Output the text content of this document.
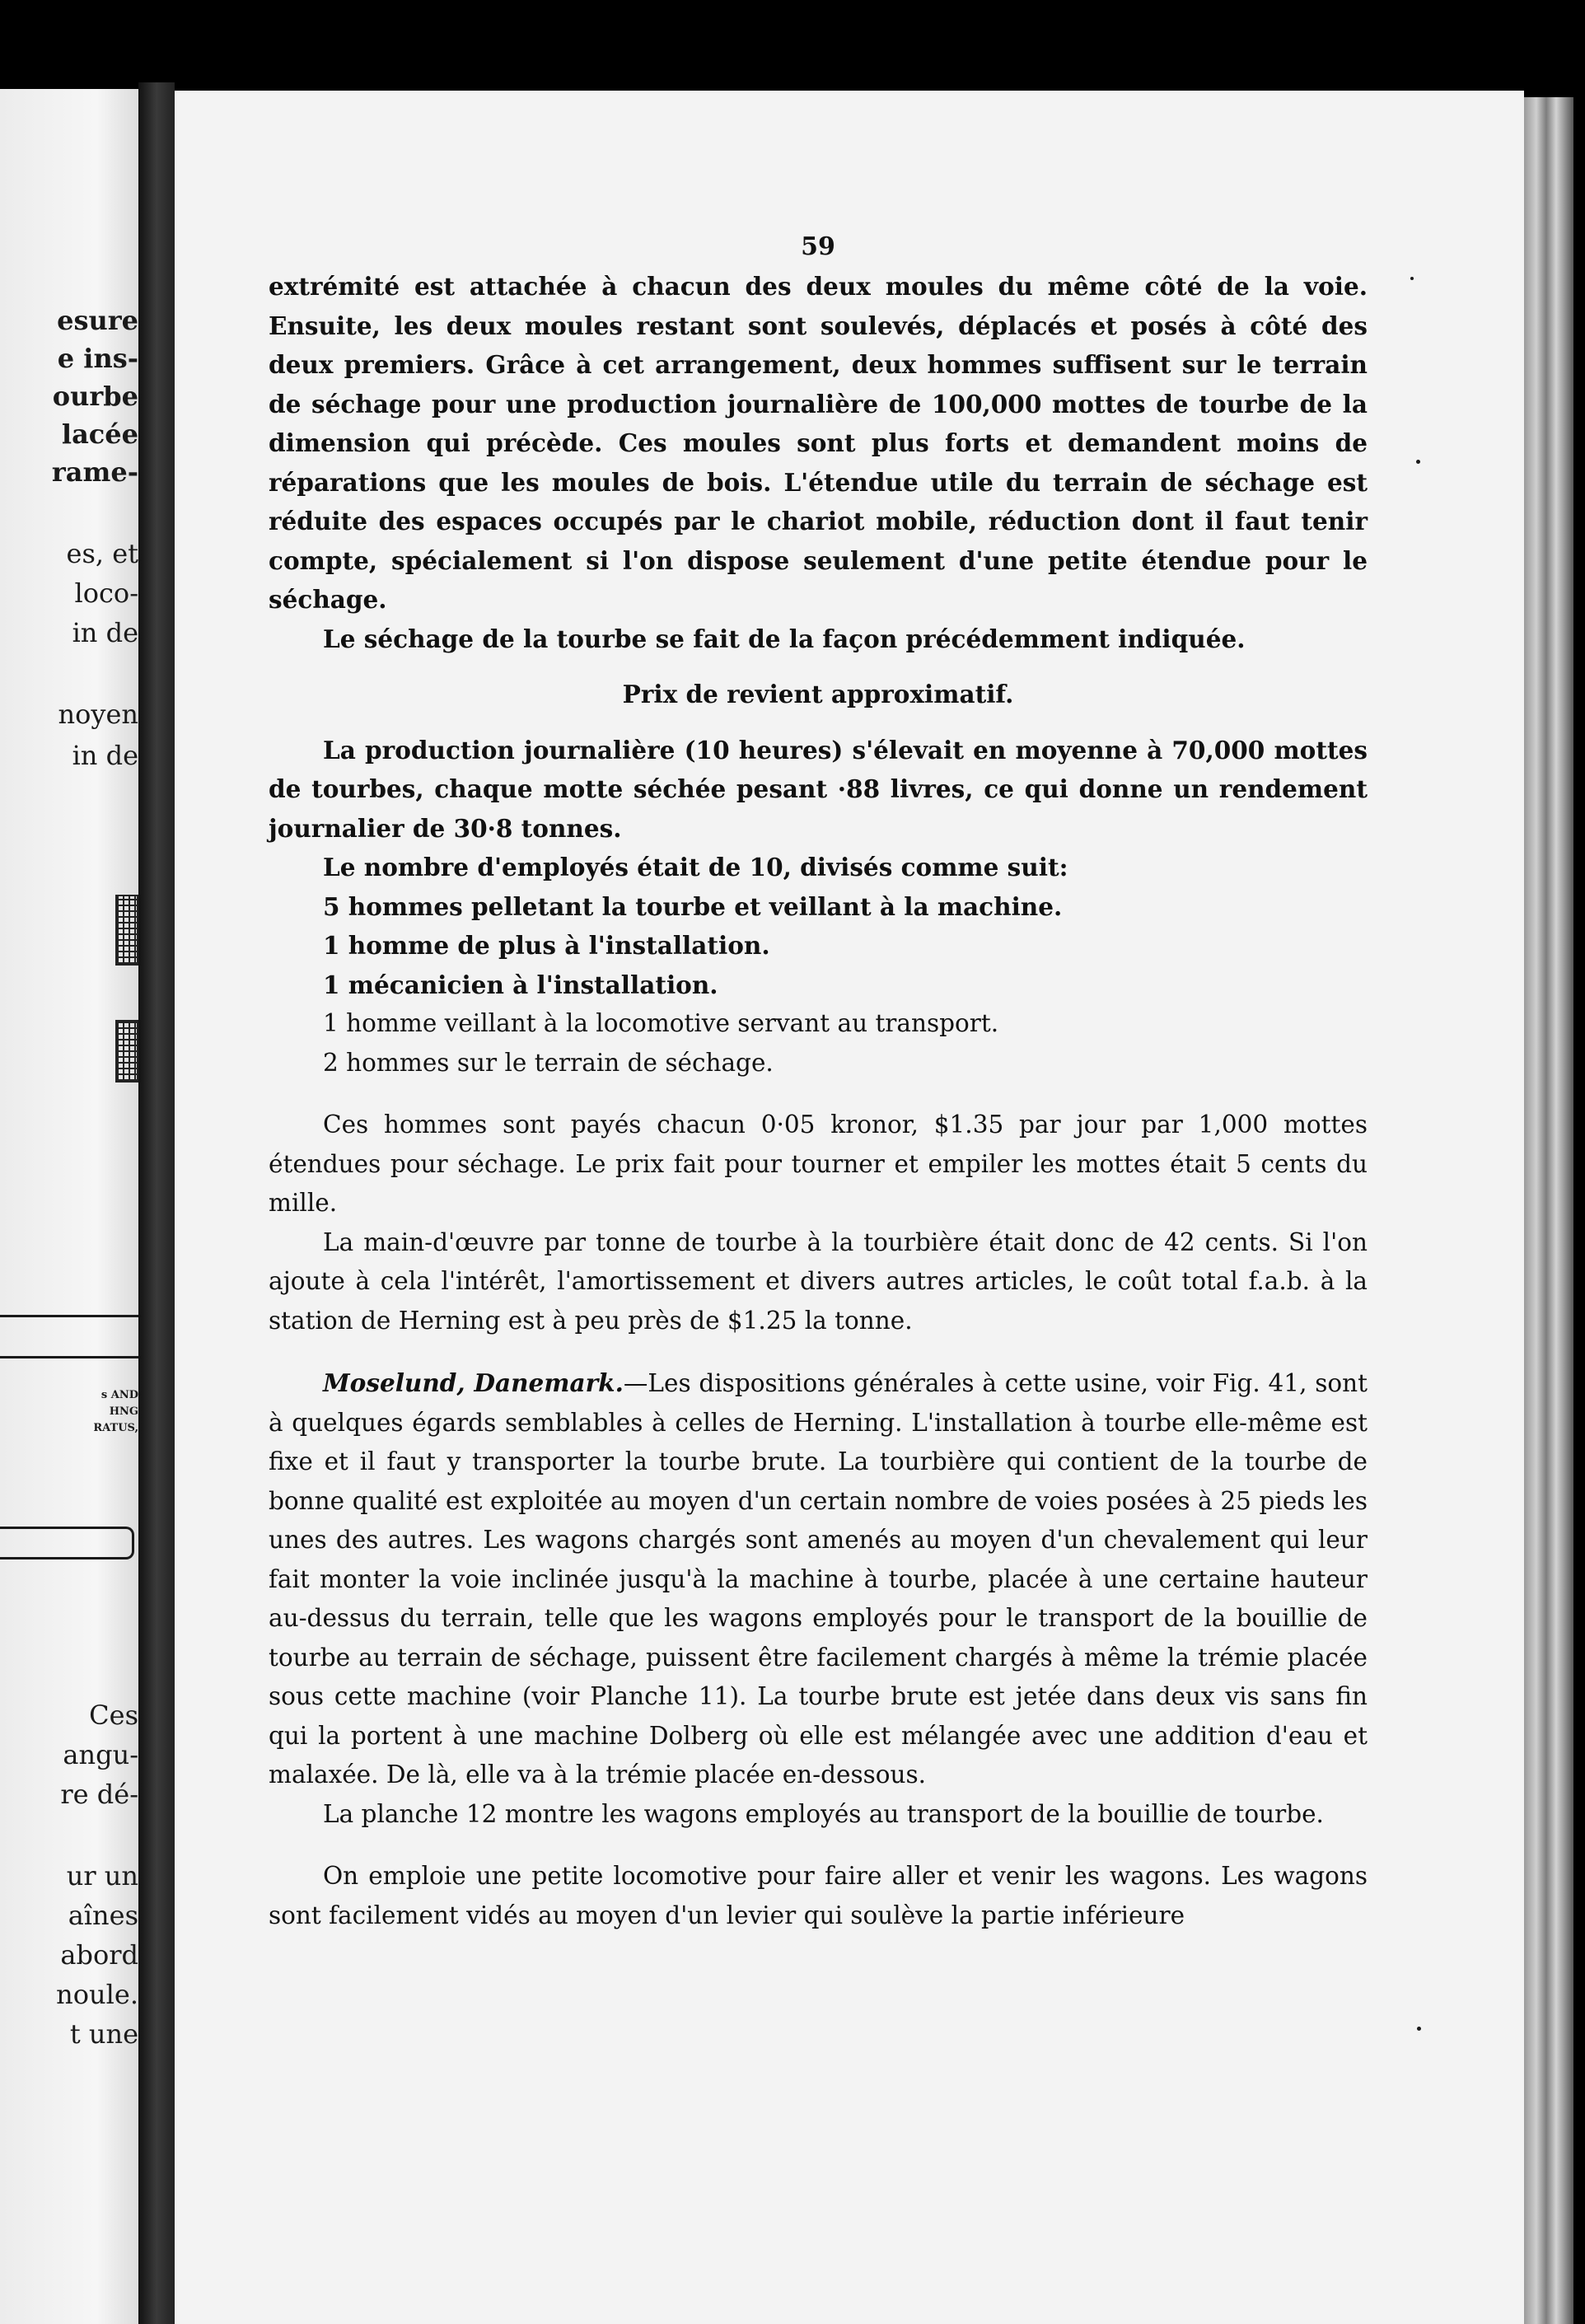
esure
e ins-
ourbe
lacée
rame-
es, et
loco-
in de
noyen
in de
s AND
HNG
RATUS,
Ces
angu-
re dé-
ur un
aînes
abord
noule.
t une
59

extrémité est attachée à chacun des deux moules du même côté de la voie. Ensuite, les deux moules restant sont soulevés, déplacés et posés à côté des deux premiers. Grâce à cet arrangement, deux hommes suffisent sur le terrain de séchage pour une production journalière de 100,000 mottes de tourbe de la dimension qui précède. Ces moules sont plus forts et demandent moins de réparations que les moules de bois. L'étendue utile du terrain de séchage est réduite des espaces occupés par le chariot mobile, réduction dont il faut tenir compte, spécialement si l'on dispose seulement d'une petite étendue pour le séchage.

Le séchage de la tourbe se fait de la façon précédemment indiquée.

Prix de revient approximatif.

La production journalière (10 heures) s'élevait en moyenne à 70,000 mottes de tourbes, chaque motte séchée pesant ·88 livres, ce qui donne un rendement journalier de 30·8 tonnes.

Le nombre d'employés était de 10, divisés comme suit:

5 hommes pelletant la tourbe et veillant à la machine.
1 homme de plus à l'installation.
1 mécanicien à l'installation.
1 homme veillant à la locomotive servant au transport.
2 hommes sur le terrain de séchage.

Ces hommes sont payés chacun 0·05 kronor, $1.35 par jour par 1,000 mottes étendues pour séchage. Le prix fait pour tourner et empiler les mottes était 5 cents du mille.

La main-d'œuvre par tonne de tourbe à la tourbière était donc de 42 cents. Si l'on ajoute à cela l'intérêt, l'amortissement et divers autres articles, le coût total f.a.b. à la station de Herning est à peu près de $1.25 la tonne.

Moselund, Danemark.—Les dispositions générales à cette usine, voir Fig. 41, sont à quelques égards semblables à celles de Herning. L'installation à tourbe elle-même est fixe et il faut y transporter la tourbe brute. La tourbière qui contient de la tourbe de bonne qualité est exploitée au moyen d'un certain nombre de voies posées à 25 pieds les unes des autres. Les wagons chargés sont amenés au moyen d'un chevalement qui leur fait monter la voie inclinée jusqu'à la machine à tourbe, placée à une certaine hauteur au-dessus du terrain, telle que les wagons employés pour le transport de la bouillie de tourbe au terrain de séchage, puissent être facilement chargés à même la trémie placée sous cette machine (voir Planche 11). La tourbe brute est jetée dans deux vis sans fin qui la portent à une machine Dolberg où elle est mélangée avec une addition d'eau et malaxée. De là, elle va à la trémie placée en-dessous.

La planche 12 montre les wagons employés au transport de la bouillie de tourbe.

On emploie une petite locomotive pour faire aller et venir les wagons. Les wagons sont facilement vidés au moyen d'un levier qui soulève la partie inférieure
